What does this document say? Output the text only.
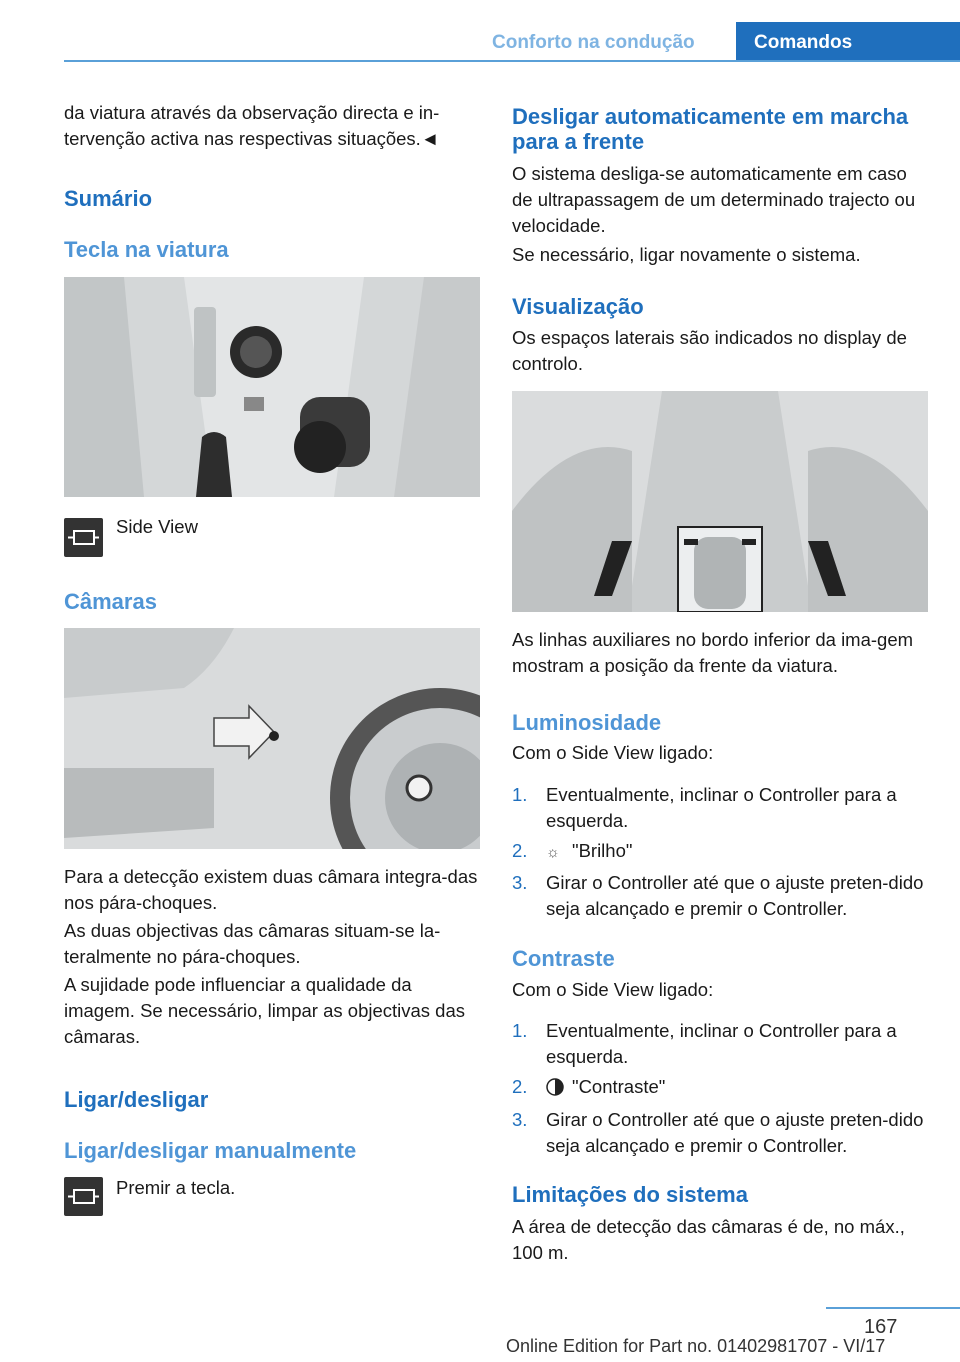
Conforto na condução	Comandos

da viatura através da observação directa e in-tervenção activa nas respectivas situações.◄

Sumário
Tecla na viatura
Side View
Câmaras

Para a detecção existem duas câmara integra-das nos pára-choques.

As duas objectivas das câmaras situam-se la-teralmente no pára-choques.

A sujidade pode influenciar a qualidade da imagem. Se necessário, limpar as objectivas das câmaras.

Ligar/desligar
Ligar/desligar manualmente
Premir a tecla.
Desligar automaticamente em marcha para a frente

O sistema desliga-se automaticamente em caso de ultrapassagem de um determinado trajecto ou velocidade.

Se necessário, ligar novamente o sistema.

Visualização

Os espaços laterais são indicados no display de controlo.

As linhas auxiliares no bordo inferior da ima-gem mostram a posição da frente da viatura.

Luminosidade

Com o Side View ligado:

1. Eventualmente, inclinar o Controller para a esquerda.
2. ☼ "Brilho"
3. Girar o Controller até que o ajuste preten-dido seja alcançado e premir o Controller.
Contraste

Com o Side View ligado:

1. Eventualmente, inclinar o Controller para a esquerda.
2. "Contraste"
3. Girar o Controller até que o ajuste preten-dido seja alcançado e premir o Controller.
Limitações do sistema

A área de detecção das câmaras é de, no máx., 100 m.

167
Online Edition for Part no. 01402981707 - VI/17
